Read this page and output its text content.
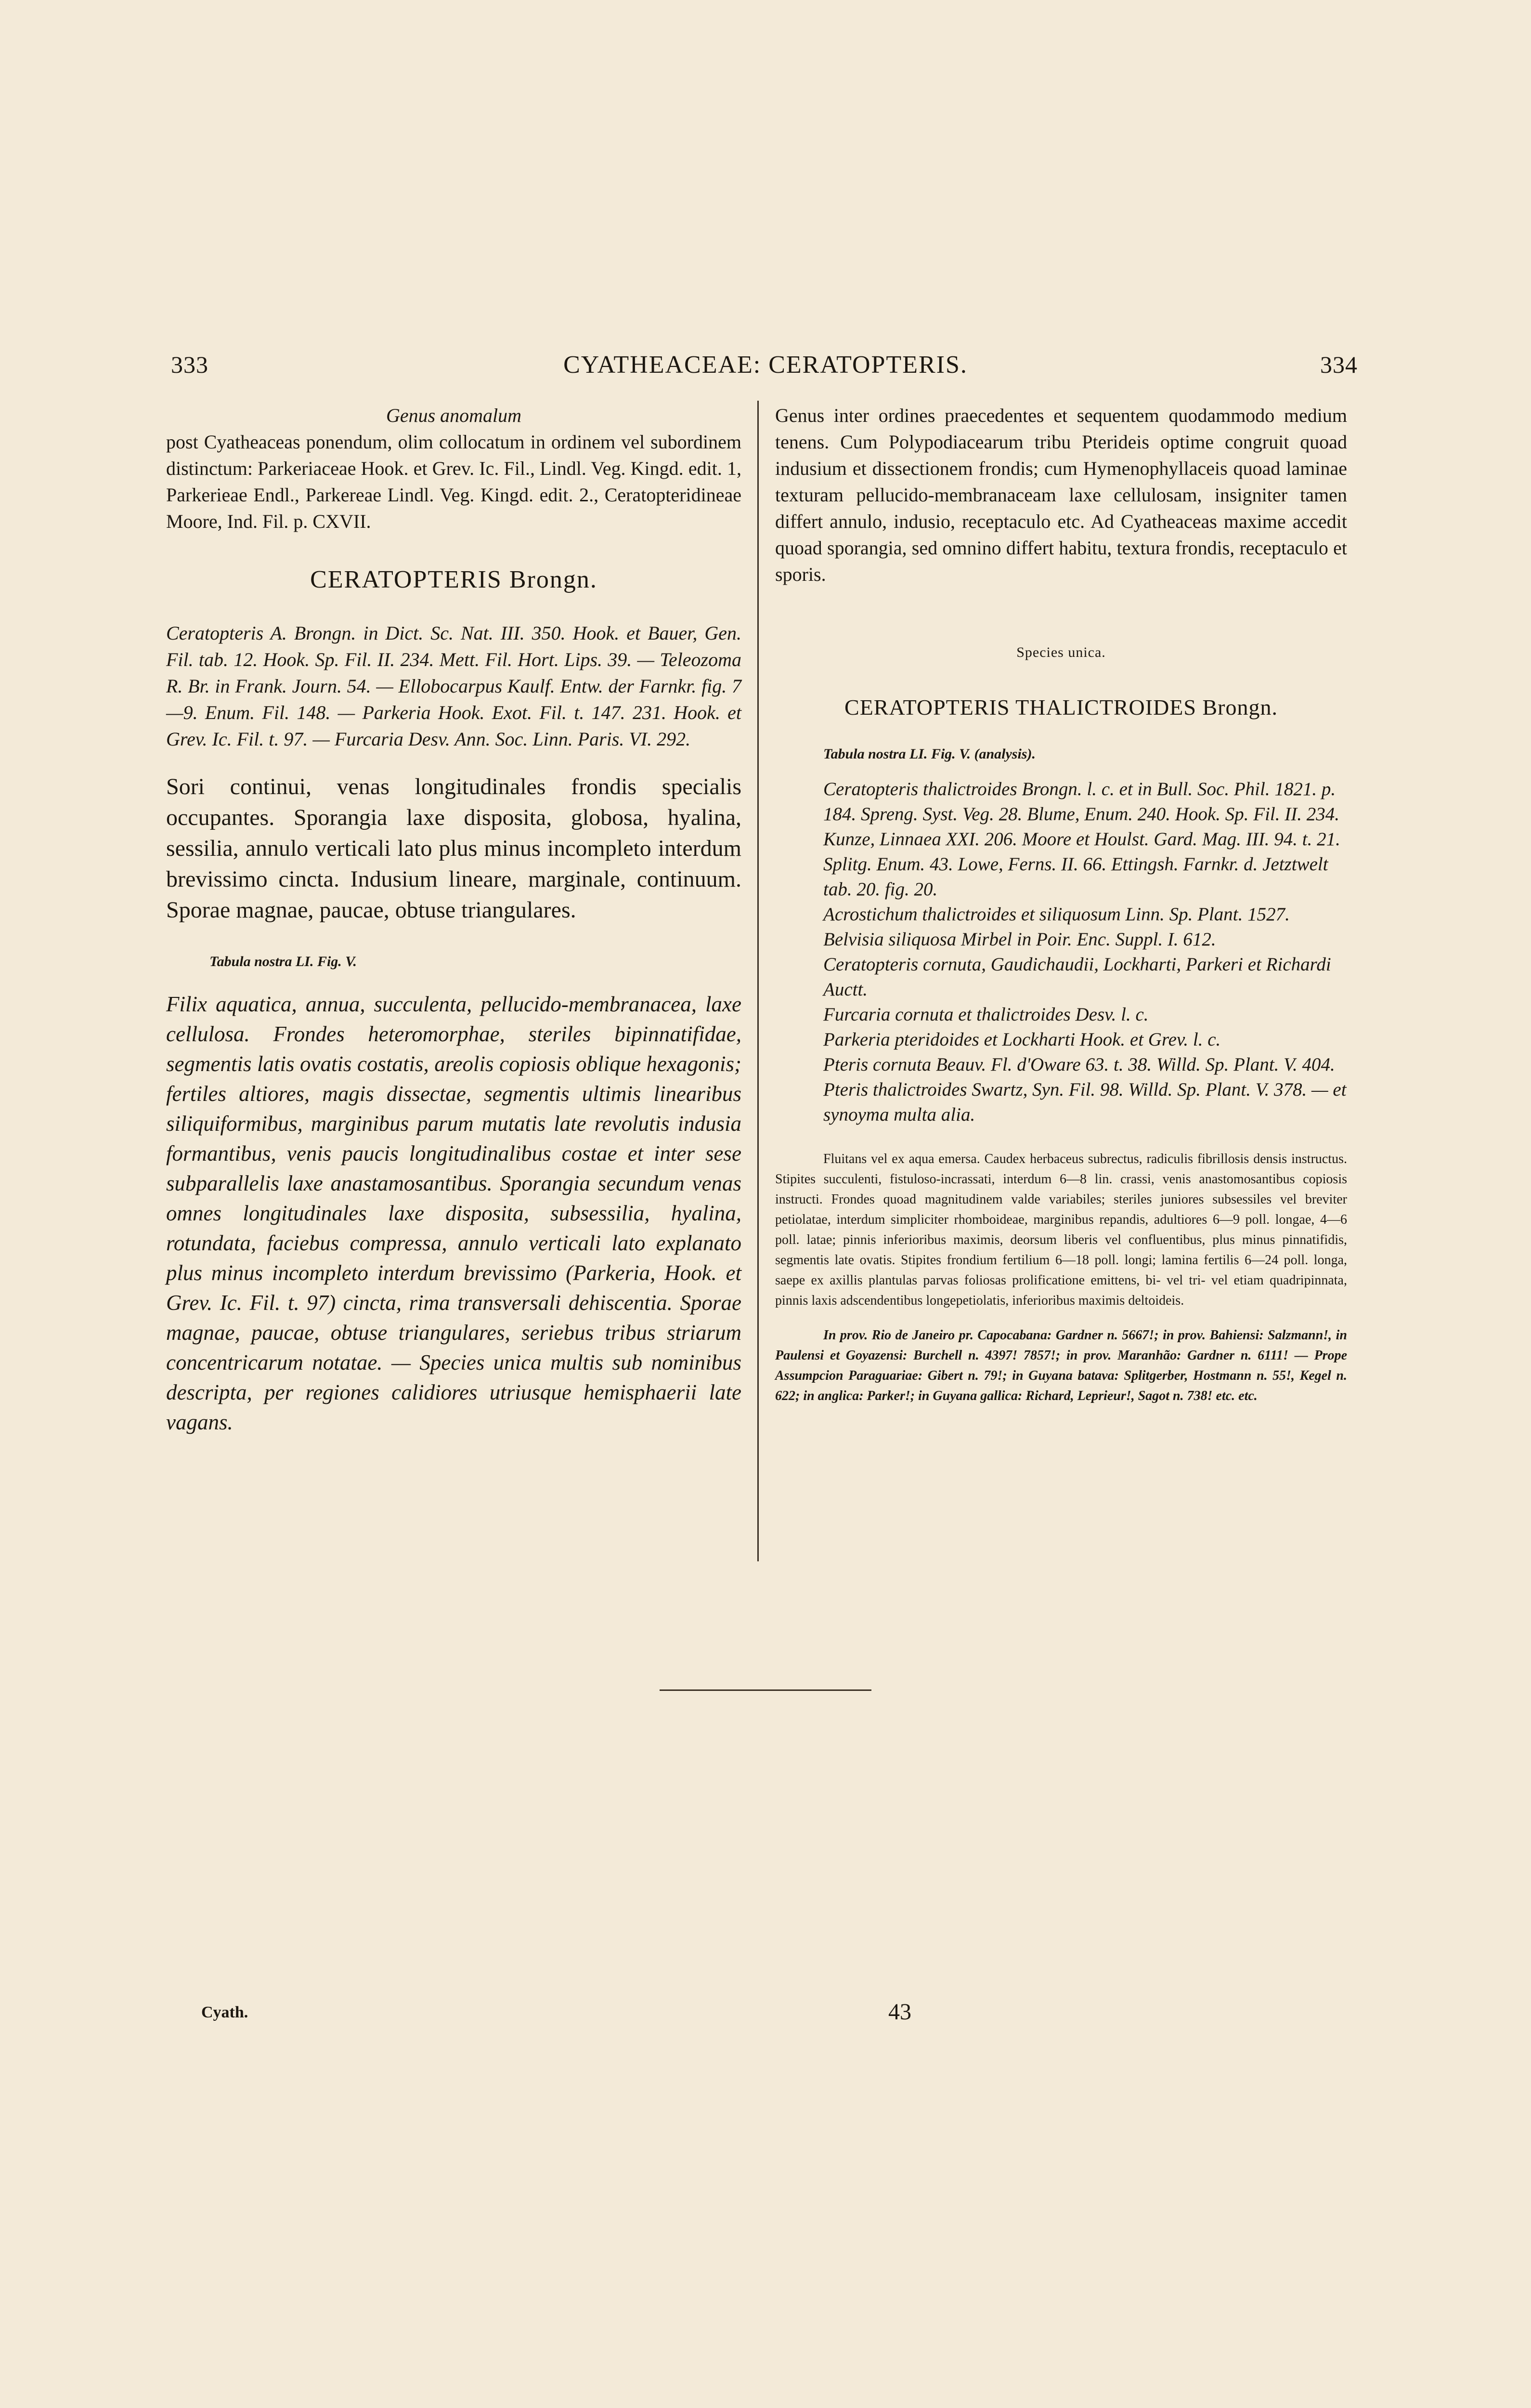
333	CYATHEACEAE: CERATOPTERIS.	334
Genus anomalum

post Cyatheaceas ponendum, olim collocatum in ordinem vel subordinem distinctum: Parkeriaceae Hook. et Grev. Ic. Fil., Lindl. Veg. Kingd. edit. 1, Parkerieae Endl., Parkereae Lindl. Veg. Kingd. edit. 2., Ceratopteridineae Moore, Ind. Fil. p. CXVII.

CERATOPTERIS Brongn.
Ceratopteris A. Brongn. in Dict. Sc. Nat. III. 350. Hook. et Bauer, Gen. Fil. tab. 12. Hook. Sp. Fil. II. 234. Mett. Fil. Hort. Lips. 39. — Teleozoma R. Br. in Frank. Journ. 54. — Ellobocarpus Kaulf. Entw. der Farnkr. fig. 7—9. Enum. Fil. 148. — Parkeria Hook. Exot. Fil. t. 147. 231. Hook. et Grev. Ic. Fil. t. 97. — Furcaria Desv. Ann. Soc. Linn. Paris. VI. 292.
Sori continui, venas longitudinales frondis specialis occupantes. Sporangia laxe disposita, globosa, hyalina, sessilia, annulo verticali lato plus minus incompleto interdum brevissimo cincta. Indusium lineare, marginale, continuum. Sporae magnae, paucae, obtuse triangulares.
Tabula nostra LI. Fig. V.
Filix aquatica, annua, succulenta, pellucido-membranacea, laxe cellulosa. Frondes heteromorphae, steriles bipinnatifidae, segmentis latis ovatis costatis, areolis copiosis oblique hexagonis; fertiles altiores, magis dissectae, segmentis ultimis linearibus siliquiformibus, marginibus parum mutatis late revolutis indusia formantibus, venis paucis longitudinalibus costae et inter sese subparallelis laxe anastamosantibus. Sporangia secundum venas omnes longitudinales laxe disposita, subsessilia, hyalina, rotundata, faciebus compressa, annulo verticali lato explanato plus minus incompleto interdum brevissimo (Parkeria, Hook. et Grev. Ic. Fil. t. 97) cincta, rima transversali dehiscentia. Sporae magnae, paucae, obtuse triangulares, seriebus tribus striarum concentricarum notatae. — Species unica multis sub nominibus descripta, per regiones calidiores utriusque hemisphaerii late vagans.

Genus inter ordines praecedentes et sequentem quodammodo medium tenens. Cum Polypodiacearum tribu Pterideis optime congruit quoad indusium et dissectionem frondis; cum Hymenophyllaceis quoad laminae texturam pellucido-membranaceam laxe cellulosam, insigniter tamen differt annulo, indusio, receptaculo etc. Ad Cyatheaceas maxime accedit quoad sporangia, sed omnino differt habitu, textura frondis, receptaculo et sporis.

Species unica.
CERATOPTERIS THALICTROIDES Brongn.
Tabula nostra LI. Fig. V. (analysis).
Ceratopteris thalictroides Brongn. l. c. et in Bull. Soc. Phil. 1821. p. 184. Spreng. Syst. Veg. 28. Blume, Enum. 240. Hook. Sp. Fil. II. 234. Kunze, Linnaea XXI. 206. Moore et Houlst. Gard. Mag. III. 94. t. 21. Splitg. Enum. 43. Lowe, Ferns. II. 66. Ettingsh. Farnkr. d. Jetztwelt tab. 20. fig. 20.
Acrostichum thalictroides et siliquosum Linn. Sp. Plant. 1527.
Belvisia siliquosa Mirbel in Poir. Enc. Suppl. I. 612.
Ceratopteris cornuta, Gaudichaudii, Lockharti, Parkeri et Richardi Auctt.
Furcaria cornuta et thalictroides Desv. l. c.
Parkeria pteridoides et Lockharti Hook. et Grev. l. c.
Pteris cornuta Beauv. Fl. d'Oware 63. t. 38. Willd. Sp. Plant. V. 404.
Pteris thalictroides Swartz, Syn. Fil. 98. Willd. Sp. Plant. V. 378. — et synoyma multa alia.
Fluitans vel ex aqua emersa. Caudex herbaceus subrectus, radiculis fibrillosis densis instructus. Stipites succulenti, fistuloso-incrassati, interdum 6—8 lin. crassi, venis anastomosantibus copiosis instructi. Frondes quoad magnitudinem valde variabiles; steriles juniores subsessiles vel breviter petiolatae, interdum simpliciter rhomboideae, marginibus repandis, adultiores 6—9 poll. longae, 4—6 poll. latae; pinnis inferioribus maximis, deorsum liberis vel confluentibus, plus minus pinnatifidis, segmentis late ovatis. Stipites frondium fertilium 6—18 poll. longi; lamina fertilis 6—24 poll. longa, saepe ex axillis plantulas parvas foliosas prolificatione emittens, bi- vel tri- vel etiam quadripinnata, pinnis laxis adscendentibus longepetiolatis, inferioribus maximis deltoideis.
In prov. Rio de Janeiro pr. Capocabana: Gardner n. 5667!; in prov. Bahiensi: Salzmann!, in Paulensi et Goyazensi: Burchell n. 4397! 7857!; in prov. Maranhão: Gardner n. 6111! — Prope Assumpcion Paraguariae: Gibert n. 79!; in Guyana batava: Splitgerber, Hostmann n. 55!, Kegel n. 622; in anglica: Parker!; in Guyana gallica: Richard, Leprieur!, Sagot n. 738! etc. etc.
Cyath.	43
